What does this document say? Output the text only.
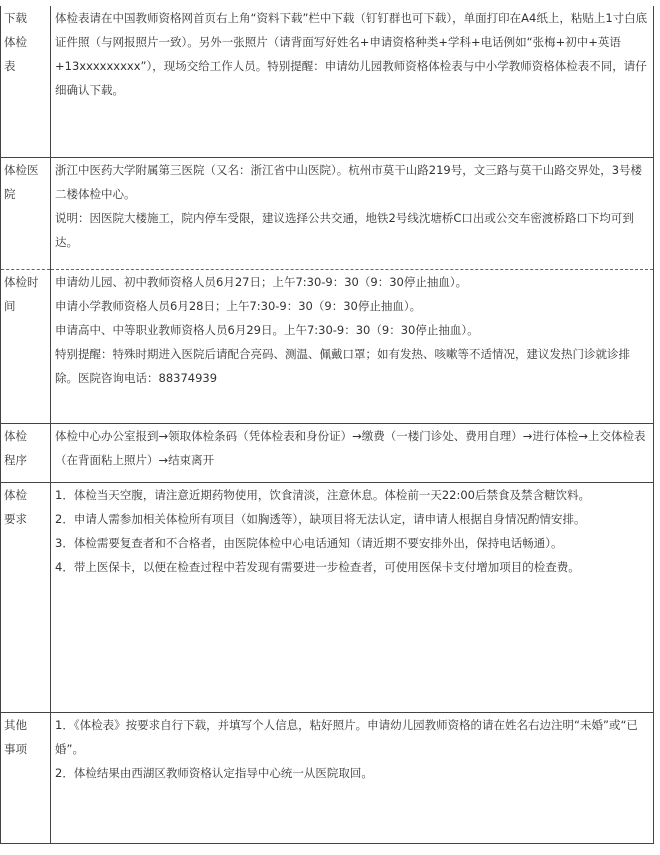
下载
体检
表	体检表请在中国教师资格网首页右上角“资料下载”栏中下载（钉钉群也可下载），单面打印在A4纸上，粘贴上1寸白底证件照（与网报照片一致）。另外一张照片（请背面写好姓名+申请资格种类+学科+电话例如“张梅+初中+英语+13xxxxxxxxx”），现场交给工作人员。特别提醒：申请幼儿园教师资格体检表与中小学教师资格体检表不同，请仔细确认下载。

体检医
院	浙江中医药大学附属第三医院（又名：浙江省中山医院）。杭州市莫干山路219号，文三路与莫干山路交界处，3号楼二楼体检中心。
说明：因医院大楼施工，院内停车受限，建议选择公共交通，地铁2号线沈塘桥C口出或公交车密渡桥路口下均可到达。

体检时
间	申请幼儿园、初中教师资格人员6月27日；上午7:30-9：30（9：30停止抽血）。
申请小学教师资格人员6月28日；上午7:30-9：30（9：30停止抽血）。
申请高中、中等职业教师资格人员6月29日。上午7:30-9：30（9：30停止抽血）。
特别提醒：特殊时期进入医院后请配合亮码、测温、佩戴口罩；如有发热、咳嗽等不适情况，建议发热门诊就诊排除。医院咨询电话：88374939

体检
程序	体检中心办公室报到→领取体检条码（凭体检表和身份证）→缴费（一楼门诊处、费用自理）→进行体检→上交体检表（在背面粘上照片）→结束离开

体检
要求	1．体检当天空腹，请注意近期药物使用，饮食清淡，注意休息。体检前一天22:00后禁食及禁含糖饮料。
2．申请人需参加相关体检所有项目（如胸透等），缺项目将无法认定，请申请人根据自身情况酌情安排。
3．体检需要复查者和不合格者，由医院体检中心电话通知（请近期不要安排外出，保持电话畅通）。
4．带上医保卡，以便在检查过程中若发现有需要进一步检查者，可使用医保卡支付增加项目的检查费。

其他
事项	1．《体检表》按要求自行下载，并填写个人信息，粘好照片。申请幼儿园教师资格的请在姓名右边注明“未婚”或“已婚”。
2．体检结果由西湖区教师资格认定指导中心统一从医院取回。
